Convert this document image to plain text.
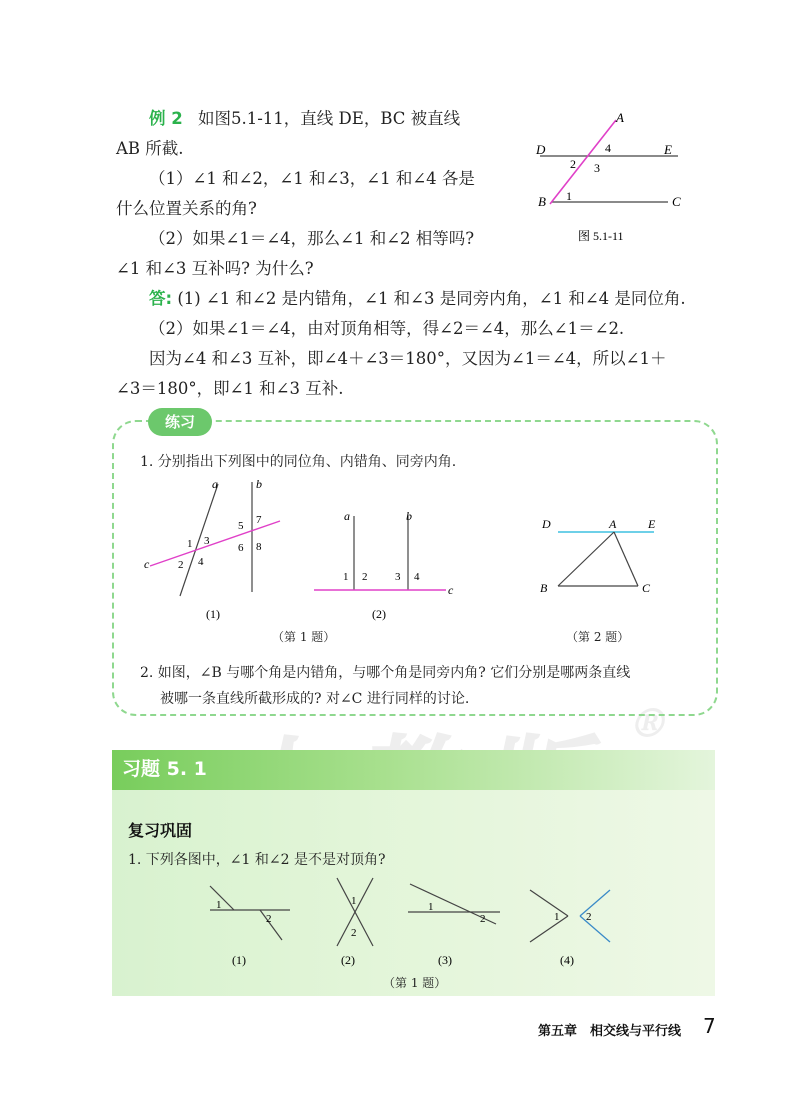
®
例 2 如图5.1-11，直线 DE，BC 被直线
AB 所截.
（1）∠1 和∠2，∠1 和∠3，∠1 和∠4 各是
什么位置关系的角?
（2）如果∠1＝∠4，那么∠1 和∠2 相等吗?
∠1 和∠3 互补吗? 为什么?
答: (1) ∠1 和∠2 是内错角，∠1 和∠3 是同旁内角，∠1 和∠4 是同位角.
（2）如果∠1＝∠4，由对顶角相等，得∠2＝∠4，那么∠1＝∠2.
因为∠4 和∠3 互补，即∠4＋∠3＝180°，又因为∠1＝∠4，所以∠1＋
∠3＝180°，即∠1 和∠3 互补.
A
D	E
2
4
3
B 1	C
图 5.1-11
练习
1. 分别指出下列图中的同位角、内错角、同旁内角.
a	b
5 7
6 8
1 3
c	2 4
(1)
a	b
1 2	3 4
c
(2)
D	A	E
B	C
（第 1 题）	（第 2 题）
2. 如图，∠B 与哪个角是内错角，与哪个角是同旁内角? 它们分别是哪两条直线
被哪一条直线所截形成的? 对∠C 进行同样的讨论.
习题 5. 1
复习巩固
1. 下列各图中，∠1 和∠2 是不是对顶角?
1
2
(1)
1
2
(2)
1
2
(3)
1 2
(4)
（第 1 题）
第五章　相交线与平行线 7
